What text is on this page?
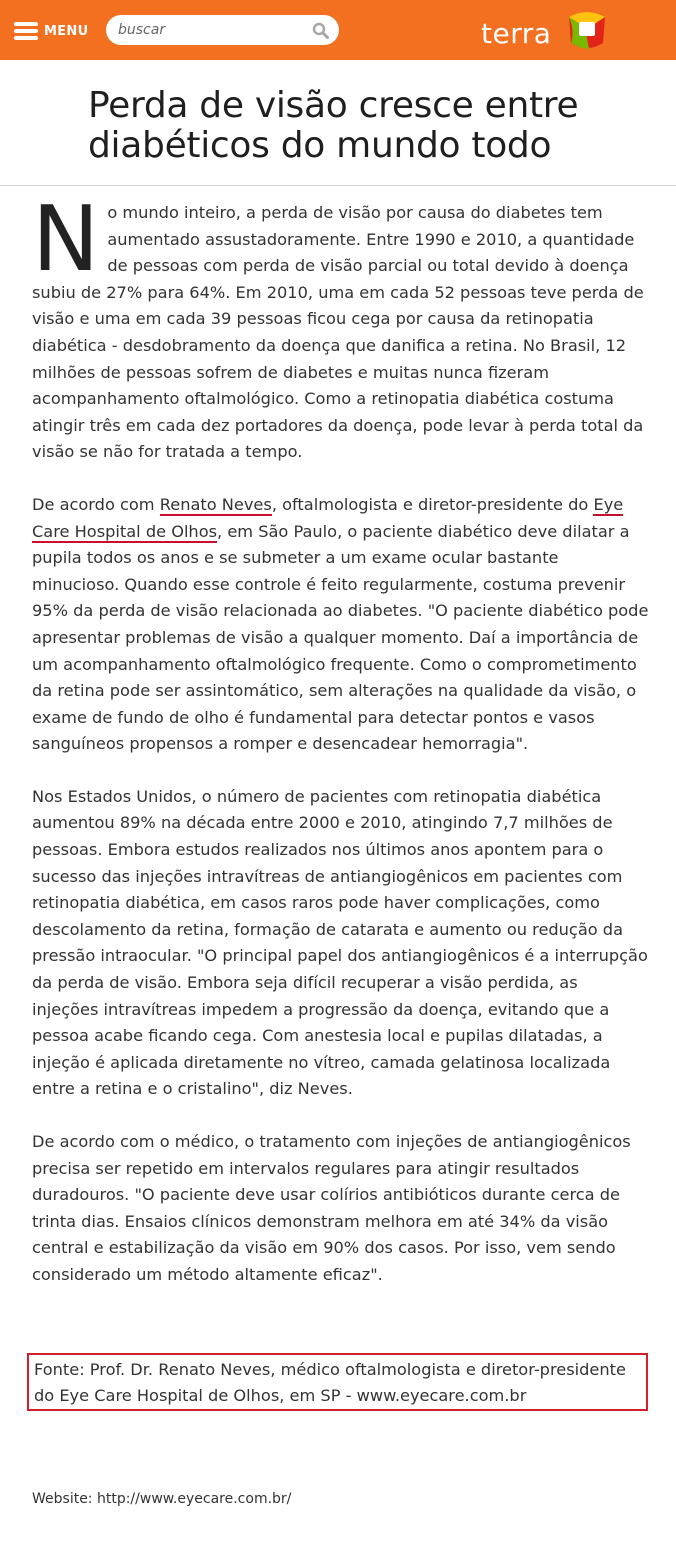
MENU
buscar	terra
Perda de visão cresce entre diabéticos do mundo todo

No mundo inteiro, a perda de visão por causa do diabetes tem aumentado assustadoramente. Entre 1990 e 2010, a quantidade de pessoas com perda de visão parcial ou total devido à doença subiu de 27% para 64%. Em 2010, uma em cada 52 pessoas teve perda de visão e uma em cada 39 pessoas ficou cega por causa da retinopatia diabética - desdobramento da doença que danifica a retina. No Brasil, 12 milhões de pessoas sofrem de diabetes e muitas nunca fizeram acompanhamento oftalmológico. Como a retinopatia diabética costuma atingir três em cada dez portadores da doença, pode levar à perda total da visão se não for tratada a tempo.

De acordo com Renato Neves, oftalmologista e diretor-presidente do Eye Care Hospital de Olhos, em São Paulo, o paciente diabético deve dilatar a pupila todos os anos e se submeter a um exame ocular bastante minucioso. Quando esse controle é feito regularmente, costuma prevenir 95% da perda de visão relacionada ao diabetes. "O paciente diabético pode apresentar problemas de visão a qualquer momento. Daí a importância de um acompanhamento oftalmológico frequente. Como o comprometimento da retina pode ser assintomático, sem alterações na qualidade da visão, o exame de fundo de olho é fundamental para detectar pontos e vasos sanguíneos propensos a romper e desencadear hemorragia".

Nos Estados Unidos, o número de pacientes com retinopatia diabética aumentou 89% na década entre 2000 e 2010, atingindo 7,7 milhões de pessoas. Embora estudos realizados nos últimos anos apontem para o sucesso das injeções intravítreas de antiangiogênicos em pacientes com retinopatia diabética, em casos raros pode haver complicações, como descolamento da retina, formação de catarata e aumento ou redução da pressão intraocular. "O principal papel dos antiangiogênicos é a interrupção da perda de visão. Embora seja difícil recuperar a visão perdida, as injeções intravítreas impedem a progressão da doença, evitando que a pessoa acabe ficando cega. Com anestesia local e pupilas dilatadas, a injeção é aplicada diretamente no vítreo, camada gelatinosa localizada entre a retina e o cristalino", diz Neves.

De acordo com o médico, o tratamento com injeções de antiangiogênicos precisa ser repetido em intervalos regulares para atingir resultados duradouros. "O paciente deve usar colírios antibióticos durante cerca de trinta dias. Ensaios clínicos demonstram melhora em até 34% da visão central e estabilização da visão em 90% dos casos. Por isso, vem sendo considerado um método altamente eficaz".

Fonte: Prof. Dr. Renato Neves, médico oftalmologista e diretor-presidente do Eye Care Hospital de Olhos, em SP - www.eyecare.com.br

Website: http://www.eyecare.com.br/
